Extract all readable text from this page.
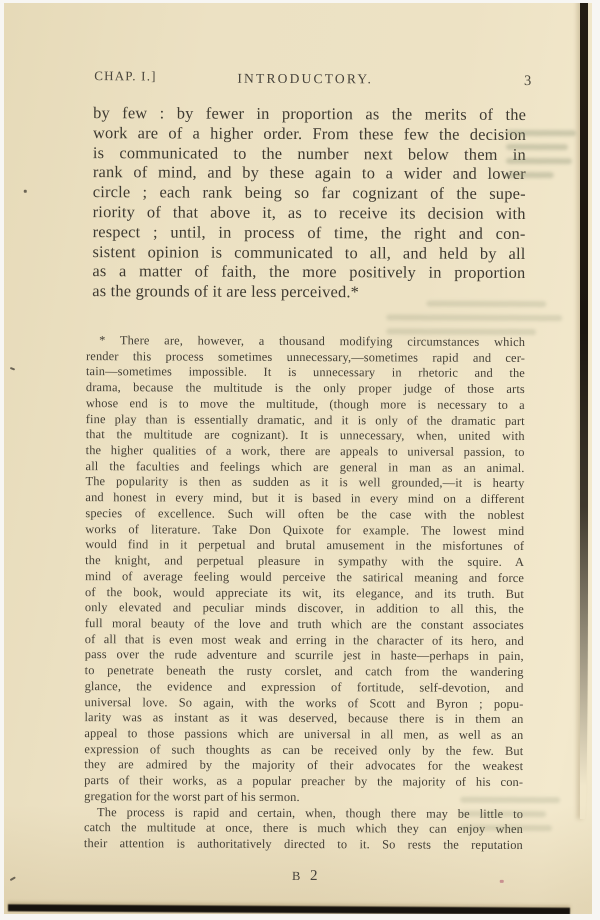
CHAP. I.]	INTRODUCTORY.	3
by few : by fewer in proportion as the merits of the
work are of a higher order. From these few the decision
is communicated to the number next below them in
rank of mind, and by these again to a wider and lower
circle ; each rank being so far cognizant of the supe-
riority of that above it, as to receive its decision with
respect ; until, in process of time, the right and con-
sistent opinion is communicated to all, and held by all
as a matter of faith, the more positively in proportion
as the grounds of it are less perceived.*
* There are, however, a thousand modifying circumstances which
render this process sometimes unnecessary,—sometimes rapid and cer-
tain—sometimes impossible. It is unnecessary in rhetoric and the
drama, because the multitude is the only proper judge of those arts
whose end is to move the multitude, (though more is necessary to a
fine play than is essentially dramatic, and it is only of the dramatic part
that the multitude are cognizant). It is unnecessary, when, united with
the higher qualities of a work, there are appeals to universal passion, to
all the faculties and feelings which are general in man as an animal.
The popularity is then as sudden as it is well grounded,—it is hearty
and honest in every mind, but it is based in every mind on a different
species of excellence. Such will often be the case with the noblest
works of literature. Take Don Quixote for example. The lowest mind
would find in it perpetual and brutal amusement in the misfortunes of
the knight, and perpetual pleasure in sympathy with the squire. A
mind of average feeling would perceive the satirical meaning and force
of the book, would appreciate its wit, its elegance, and its truth. But
only elevated and peculiar minds discover, in addition to all this, the
full moral beauty of the love and truth which are the constant associates
of all that is even most weak and erring in the character of its hero, and
pass over the rude adventure and scurrile jest in haste—perhaps in pain,
to penetrate beneath the rusty corslet, and catch from the wandering
glance, the evidence and expression of fortitude, self-devotion, and
universal love. So again, with the works of Scott and Byron ; popu-
larity was as instant as it was deserved, because there is in them an
appeal to those passions which are universal in all men, as well as an
expression of such thoughts as can be received only by the few. But
they are admired by the majority of their advocates for the weakest
parts of their works, as a popular preacher by the majority of his con-
gregation for the worst part of his sermon.
The process is rapid and certain, when, though there may be little to
catch the multitude at once, there is much which they can enjoy when
their attention is authoritatively directed to it. So rests the reputation
B 2
